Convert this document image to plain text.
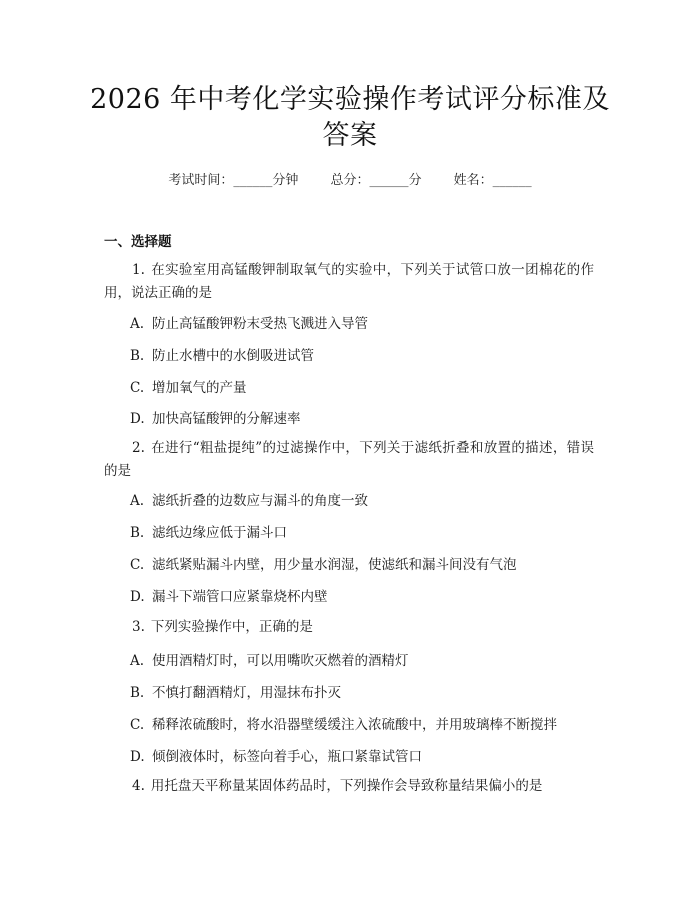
2026 年中考化学实验操作考试评分标准及答案
考试时间：______分钟 总分：______分 姓名：______
一、选择题
1. 在实验室用高锰酸钾制取氧气的实验中，下列关于试管口放一团棉花的作用，说法正确的是
A. 防止高锰酸钾粉末受热飞溅进入导管
B. 防止水槽中的水倒吸进试管
C. 增加氧气的产量
D. 加快高锰酸钾的分解速率
2. 在进行“粗盐提纯”的过滤操作中，下列关于滤纸折叠和放置的描述，错误的是
A. 滤纸折叠的边数应与漏斗的角度一致
B. 滤纸边缘应低于漏斗口
C. 滤纸紧贴漏斗内壁，用少量水润湿，使滤纸和漏斗间没有气泡
D. 漏斗下端管口应紧靠烧杯内壁
3. 下列实验操作中，正确的是
A. 使用酒精灯时，可以用嘴吹灭燃着的酒精灯
B. 不慎打翻酒精灯，用湿抹布扑灭
C. 稀释浓硫酸时，将水沿器壁缓缓注入浓硫酸中，并用玻璃棒不断搅拌
D. 倾倒液体时，标签向着手心，瓶口紧靠试管口
4. 用托盘天平称量某固体药品时，下列操作会导致称量结果偏小的是
